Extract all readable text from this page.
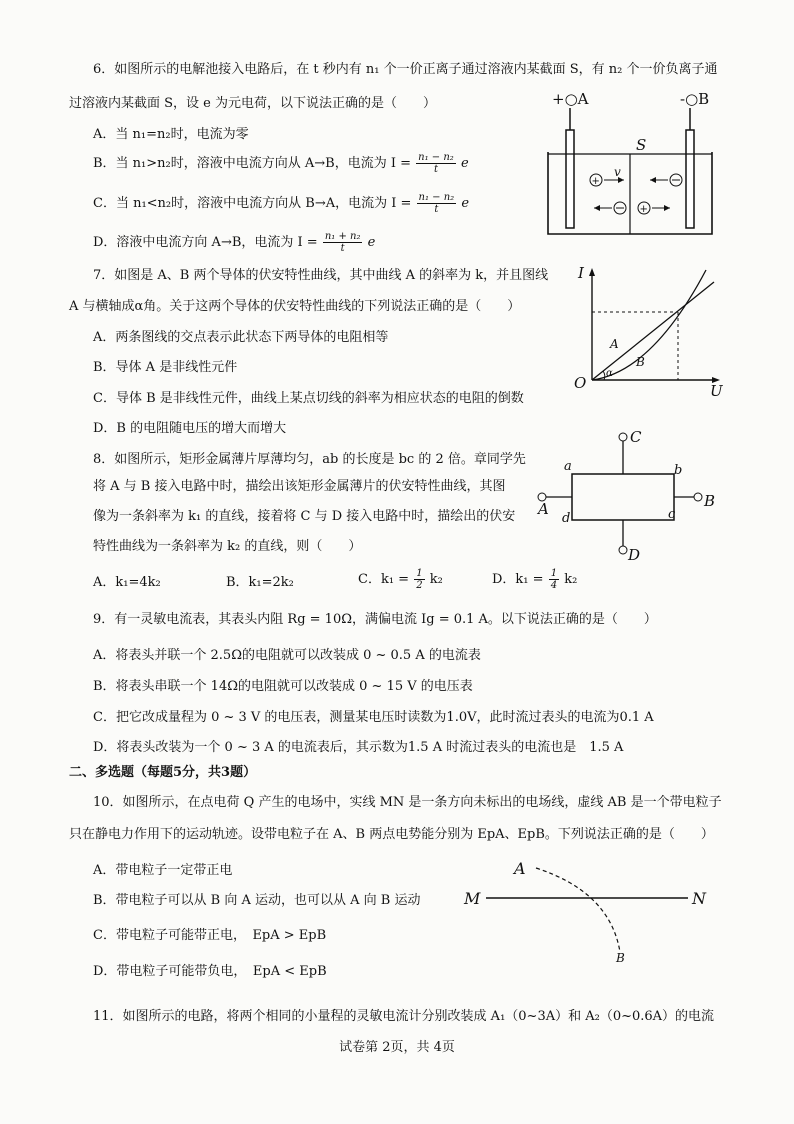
6．如图所示的电解池接入电路后，在 t 秒内有 n₁ 个一价正离子通过溶液内某截面 S，有 n₂ 个一价负离子通
过溶液内某截面 S，设 e 为元电荷，以下说法正确的是（　　）
A．当 n₁=n₂时，电流为零
B．当 n₁>n₂时，溶液中电流方向从 A→B，电流为 $I = \frac{\text{n₁ − n₂}}{t}$ e
C．当 n₁<n₂时，溶液中电流方向从 B→A，电流为 $I = \frac{\text{n₁ − n₂}}{t}$ e
D．溶液中电流方向 A→B，电流为 $I = \frac{\text{n₁ + n₂}}{t}$ e
+○A	-○B
S
+
v
+
7．如图是 A、B 两个导体的伏安特性曲线，其中曲线 A 的斜率为 k，并且图线
A 与横轴成α角。关于这两个导体的伏安特性曲线的下列说法正确的是（　　）
A．两条图线的交点表示此状态下两导体的电阻相等
B．导体 A 是非线性元件
C．导体 B 是非线性元件，曲线上某点切线的斜率为相应状态的电阻的倒数
D．B 的电阻随电压的增大而增大
I
U
O
A
B
α
8．如图所示，矩形金属薄片厚薄均匀，ab 的长度是 bc 的 2 倍。章同学先
将 A 与 B 接入电路中时，描绘出该矩形金属薄片的伏安特性曲线，其图
像为一条斜率为 k₁ 的直线，接着将 C 与 D 接入电路中时，描绘出的伏安
特性曲线为一条斜率为 k₂ 的直线，则（　　）
A．k₁=4k₂	B．k₁=2k₂	C．$k_1 = \frac{1}{2} k_2$	D．$k_1 = \frac{1}{4} k_2$
C
D
A	B
a	b
c
d
9．有一灵敏电流表，其表头内阻 Rg = 10Ω，满偏电流 Ig = 0.1 A。以下说法正确的是（　　）
A．将表头并联一个 2.5Ω的电阻就可以改装成 0 ~ 0.5 A 的电流表
B．将表头串联一个 14Ω的电阻就可以改装成 0 ~ 15 V 的电压表
C．把它改成量程为 0 ~ 3 V 的电压表，测量某电压时读数为1.0V，此时流过表头的电流为0.1 A
D．将表头改装为一个 0 ~ 3 A 的电流表后，其示数为1.5 A 时流过表头的电流也是　1.5 A
二、多选题（每题5分，共3题）
10．如图所示，在点电荷 Q 产生的电场中，实线 MN 是一条方向未标出的电场线，虚线 AB 是一个带电粒子
只在静电力作用下的运动轨迹。设带电粒子在 A、B 两点电势能分别为 EpA、EpB。下列说法正确的是（　　）
A．带电粒子一定带正电
B．带电粒子可以从 B 向 A 运动，也可以从 A 向 B 运动
C．带电粒子可能带正电，　EpA > EpB
D．带电粒子可能带负电，　EpA < EpB
A
M	N
B
11．如图所示的电路，将两个相同的小量程的灵敏电流计分别改装成 A₁（0~3A）和 A₂（0~0.6A）的电流
试卷第 2页，共 4页
